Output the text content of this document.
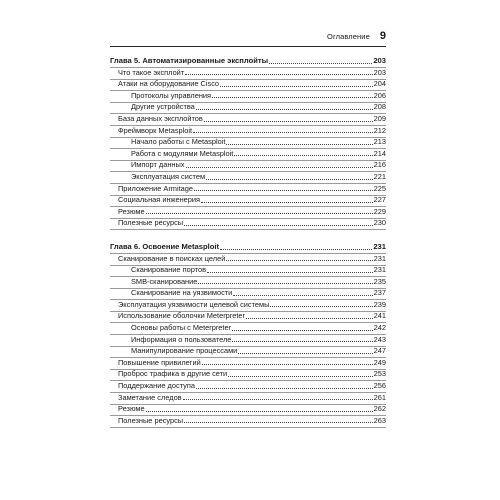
Оглавление 9
Глава 5. Автоматизированные эксплойты	203
Что такое эксплойт	203
Атаки на оборудование Cisco	204
Протоколы управления	206
Другие устройства	208
База данных эксплойтов	209
Фреймворк Metasploit	212
Начало работы с Metasploit	213
Работа с модулями Metasploit	214
Импорт данных	216
Эксплуатация систем	221
Приложение Armitage	225
Социальная инженерия	227
Резюме	229
Полезные ресурсы	230
Глава 6. Освоение Metasploit	231
Сканирование в поисках целей	231
Сканирование портов	231
SMB-сканирование	235
Сканирование на уязвимости	237
Эксплуатация уязвимости целевой системы	239
Использование оболочки Meterpreter	241
Основы работы с Meterpreter	242
Информация о пользователе	243
Манипулирование процессами	247
Повышение привилегий	249
Проброс трафика в другие сети	253
Поддержание доступа	256
Заметание следов	261
Резюме	262
Полезные ресурсы	263
